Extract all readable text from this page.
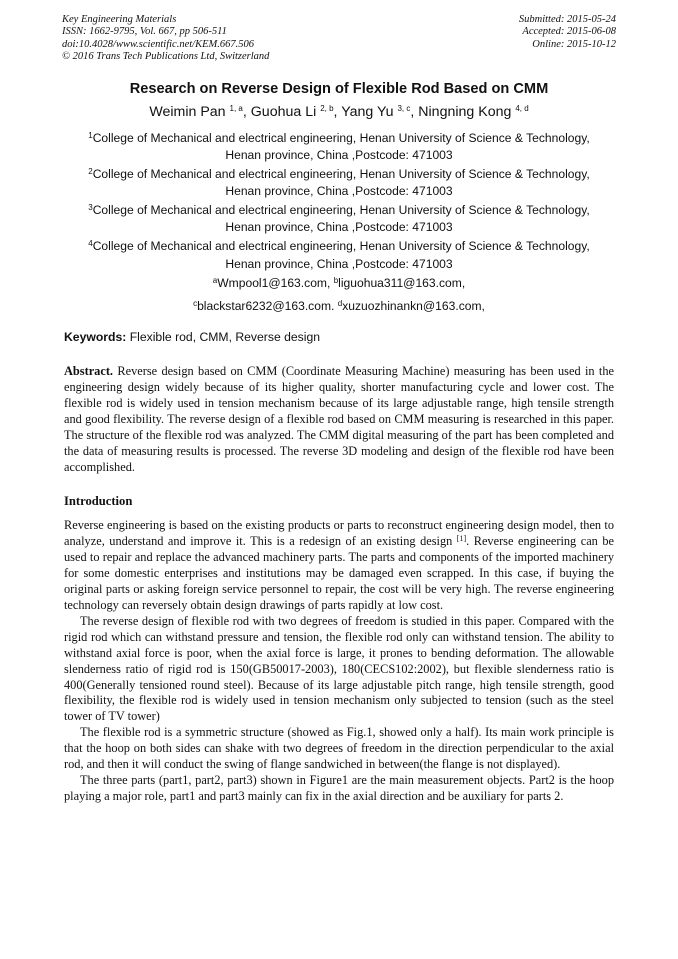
Key Engineering Materials
ISSN: 1662-9795, Vol. 667, pp 506-511
doi:10.4028/www.scientific.net/KEM.667.506
© 2016 Trans Tech Publications Ltd, Switzerland
Submitted: 2015-05-24
Accepted: 2015-06-08
Online: 2015-10-12
Research on Reverse Design of Flexible Rod Based on CMM
Weimin Pan $^{1, a}$, Guohua Li $^{2, b}$, Yang Yu $^{3, c}$, Ningning Kong $^{4, d}$
$^1$College of Mechanical and electrical engineering, Henan University of Science & Technology,
Henan province, China ,Postcode: 471003
$^2$College of Mechanical and electrical engineering, Henan University of Science & Technology,
Henan province, China ,Postcode: 471003
$^3$College of Mechanical and electrical engineering, Henan University of Science & Technology,
Henan province, China ,Postcode: 471003
$^4$College of Mechanical and electrical engineering, Henan University of Science & Technology,
Henan province, China ,Postcode: 471003
$^a$Wmpool1@163.com, $^b$liguohua311@163.com,
$^c$blackstar6232@163.com. $^d$xuzuozhinankn@163.com,
Keywords: Flexible rod, CMM, Reverse design

Abstract. Reverse design based on CMM (Coordinate Measuring Machine) measuring has been used in the engineering design widely because of its higher quality, shorter manufacturing cycle and lower cost. The flexible rod is widely used in tension mechanism because of its large adjustable range, high tensile strength and good flexibility. The reverse design of a flexible rod based on CMM measuring is researched in this paper. The structure of the flexible rod was analyzed. The CMM digital measuring of the part has been completed and the data of measuring results is processed. The reverse 3D modeling and design of the flexible rod have been accomplished.

Introduction

Reverse engineering is based on the existing products or parts to reconstruct engineering design model, then to analyze, understand and improve it. This is a redesign of an existing design [1]. Reverse engineering can be used to repair and replace the advanced machinery parts. The parts and components of the imported machinery for some domestic enterprises and institutions may be damaged even scrapped. In this case, if buying the original parts or asking foreign service personnel to repair, the cost will be very high. The reverse engineering technology can reversely obtain design drawings of parts rapidly at low cost.

The reverse design of flexible rod with two degrees of freedom is studied in this paper. Compared with the rigid rod which can withstand pressure and tension, the flexible rod only can withstand tension. The ability to withstand axial force is poor, when the axial force is large, it prones to bending deformation. The allowable slenderness ratio of rigid rod is 150(GB50017-2003), 180(CECS102:2002), but flexible slenderness ratio is 400(Generally tensioned round steel). Because of its large adjustable pitch range, high tensile strength, good flexibility, the flexible rod is widely used in tension mechanism only subjected to tension (such as the steel tower of TV tower)

The flexible rod is a symmetric structure (showed as Fig.1, showed only a half). Its main work principle is that the hoop on both sides can shake with two degrees of freedom in the direction perpendicular to the axial rod, and then it will conduct the swing of flange sandwiched in between(the flange is not displayed).

The three parts (part1, part2, part3) shown in Figure1 are the main measurement objects. Part2 is the hoop playing a major role, part1 and part3 mainly can fix in the axial direction and be auxiliary for parts 2.
